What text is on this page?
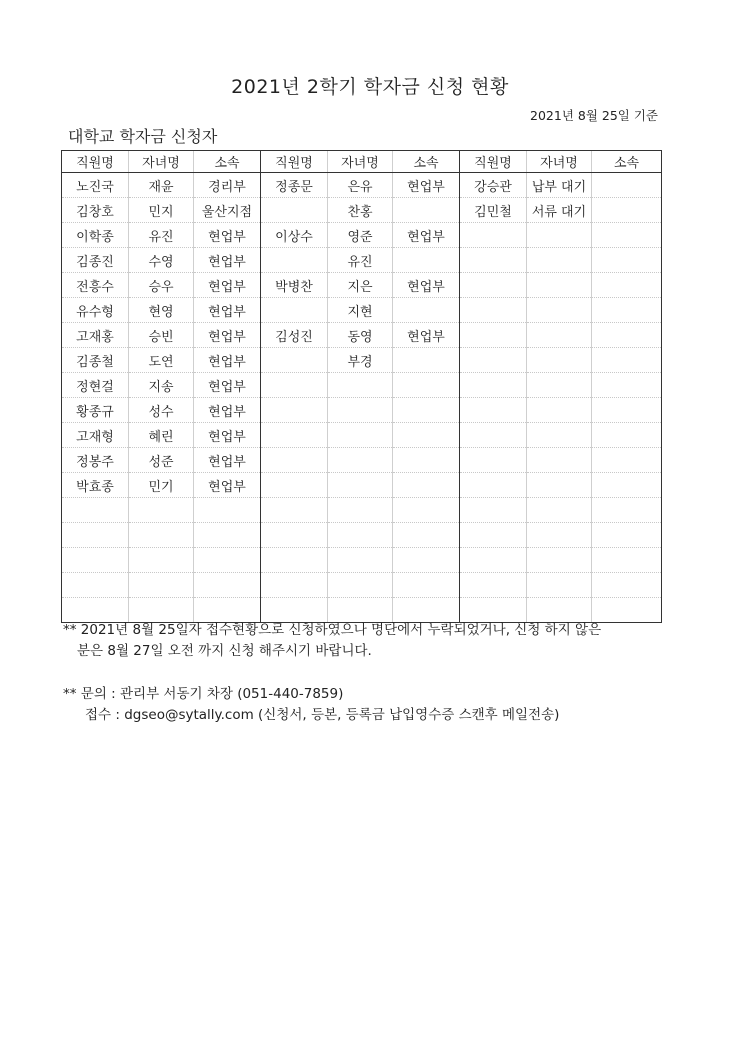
2021년 2학기 학자금 신청 현황
2021년 8월 25일 기준
대학교 학자금 신청자
직원명	자녀명	소속	직원명	자녀명	소속	직원명	자녀명	소속
노진국	재윤	경리부	정종문	은유	현업부	강승관	납부 대기	
김창호	민지	울산지점		찬홍		김민철	서류 대기	
이학종	유진	현업부	이상수	영준	현업부			
김종진	수영	현업부		유진				
전흥수	승우	현업부	박병찬	지은	현업부			
유수형	현영	현업부		지현				
고재홍	승빈	현업부	김성진	동영	현업부			
김종철	도연	현업부		부경				
정현걸	지송	현업부						
황종규	성수	현업부						
고재형	혜린	현업부						
정봉주	성준	현업부						
박효종	민기	현업부						

** 2021년 8월 25일자 접수현황으로 신청하였으나 명단에서 누락되었거나, 신청 하지 않은

분은 8월 27일 오전 까지 신청 해주시기 바랍니다.

** 문의 : 관리부 서동기 차장 (051-440-7859)

접수 : dgseo@sytally.com (신청서, 등본, 등록금 납입영수증 스캔후 메일전송)
